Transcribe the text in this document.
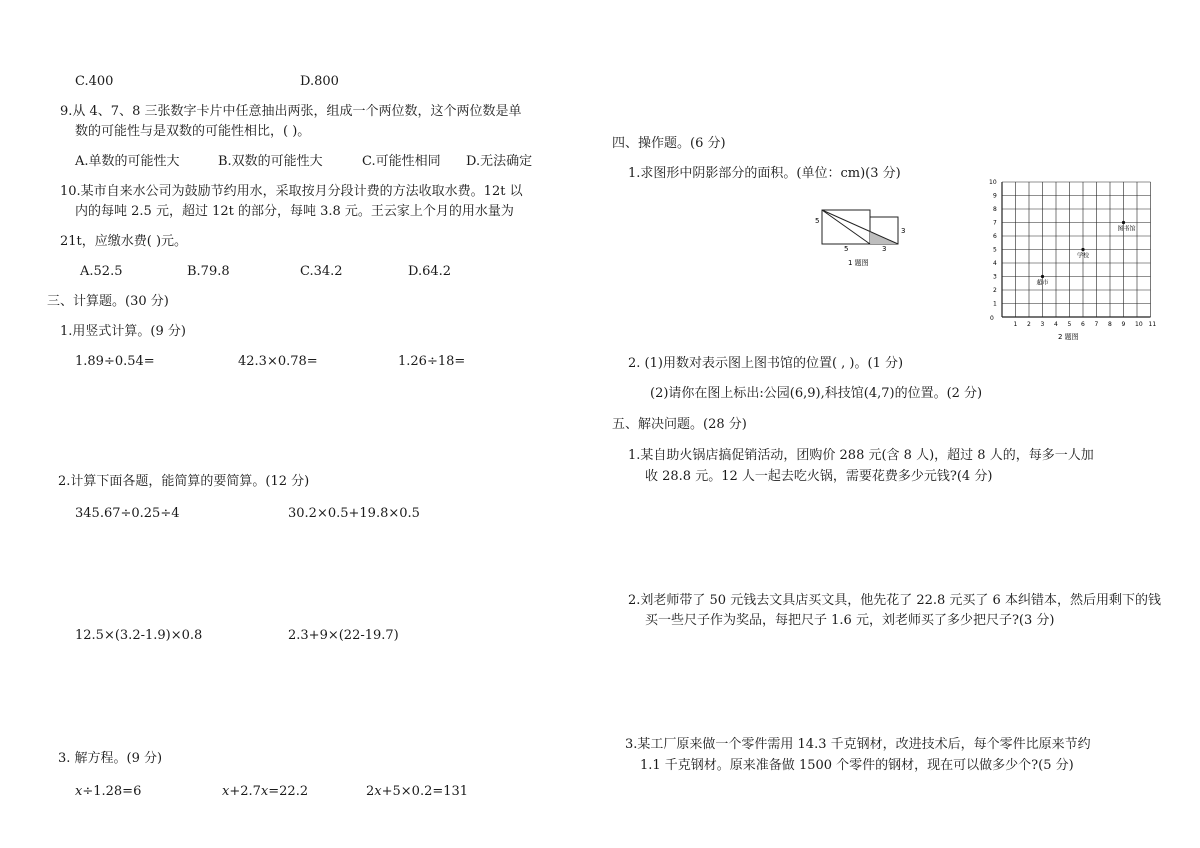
C.400	D.800
9.从 4、7、8 三张数字卡片中任意抽出两张，组成一个两位数，这个两位数是单
数的可能性与是双数的可能性相比，( )。
A.单数的可能性大	B.双数的可能性大	C.可能性相同 D.无法确定
10.某市自来水公司为鼓励节约用水，采取按月分段计费的方法收取水费。12t 以
内的每吨 2.5 元，超过 12t 的部分，每吨 3.8 元。王云家上个月的用水量为
21t，应缴水费( )元。
A.52.5	B.79.8	C.34.2	D.64.2
三、计算题。(30 分)
1.用竖式计算。(9 分)
1.89÷0.54=	42.3×0.78=	1.26÷18=
2.计算下面各题，能简算的要简算。(12 分)
345.67÷0.25÷4	30.2×0.5+19.8×0.5
12.5×(3.2-1.9)×0.8	2.3+9×(22-19.7)
3. 解方程。(9 分)
x÷1.28=6	x+2.7x=22.2	2x+5×0.2=131
四、操作题。(6 分)
1.求图形中阴影部分的面积。(单位：cm)(3 分)
5
5	3
3
1 题图
0
1 2 3 4 5 6 7 8 9 10 11
1
2
3
4
5
6
7
8
9
10
超市
学校
图书馆
2 题图
2. (1)用数对表示图上图书馆的位置( , )。(1 分)
(2)请你在图上标出:公园(6,9),科技馆(4,7)的位置。(2 分)
五、解决问题。(28 分)
1.某自助火锅店搞促销活动，团购价 288 元(含 8 人)，超过 8 人的，每多一人加
收 28.8 元。12 人一起去吃火锅，需要花费多少元钱?(4 分)
2.刘老师带了 50 元钱去文具店买文具，他先花了 22.8 元买了 6 本纠错本，然后用剩下的钱
买一些尺子作为奖品，每把尺子 1.6 元，刘老师买了多少把尺子?(3 分)
3.某工厂原来做一个零件需用 14.3 千克钢材，改进技术后，每个零件比原来节约
1.1 千克钢材。原来准备做 1500 个零件的钢材，现在可以做多少个?(5 分)
